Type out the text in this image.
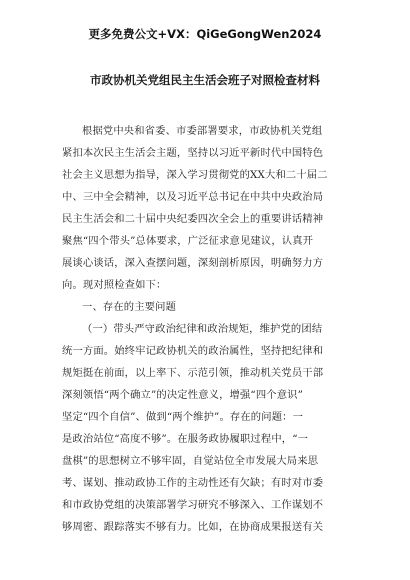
更多免费公文+VX：QiGeGongWen2024
市政协机关党组民主生活会班子对照检查材料
根据党中央和省委、市委部署要求，市政协机关党组
紧扣本次民主生活会主题，坚持以习近平新时代中国特色
社会主义思想为指导，深入学习贯彻党的XX大和二十届二
中、三中全会精神，以及习近平总书记在中共中央政治局
民主生活会和二十届中央纪委四次全会上的重要讲话精神
聚焦“四个带头”总体要求，广泛征求意见建议，认真开
展谈心谈话，深入查摆问题，深刻剖析原因，明确努力方
向。现对照检查如下：
一、存在的主要问题
（一）带头严守政治纪律和政治规矩，维护党的团结
统一方面。始终牢记政协机关的政治属性，坚持把纪律和
规矩挺在前面，以上率下、示范引领，推动机关党员干部
深刻领悟“两个确立”的决定性意义，增强“四个意识”
坚定“四个自信”、做到“两个维护”。存在的问题：一
是政治站位“高度不够”。在服务政协履职过程中，“一
盘棋”的思想树立不够牢固，自觉站位全市发展大局来思
考、谋划、推动政协工作的主动性还有欠缺；有时对市委
和市政协党组的决策部署学习研究不够深入、工作谋划不
够周密、跟踪落实不够有力。比如，在协商成果报送有关
